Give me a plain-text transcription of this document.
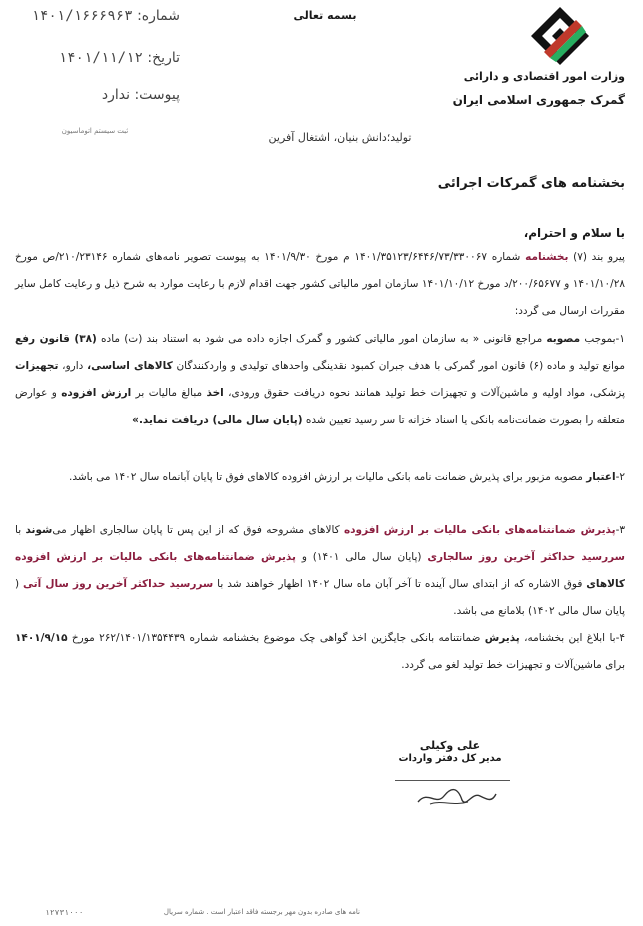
وزارت امور اقتصادی و دارائی
گمرک جمهوری اسلامی ایران
بسمه تعالی
شماره: ۱۴۰۱/۱۶۶۶۹۶۳
تاریخ: ۱۴۰۱/۱۱/۱۲
پیوست: ندارد
ثبت سیستم اتوماسیون	تولید؛دانش بنیان، اشتغال آفرین
بخشنامه های گمرکات اجرائی
با سلام و احترام،
پیرو بند (۷) بخشنامه شماره ۱۴۰۱/۳۵۱۲۳/۶۴۴۶/۷۳/۳۳۰۰۶۷ م مورخ ۱۴۰۱/۹/۳۰ به پیوست تصویر نامه‌های شماره ۲۱۰/۲۳۱۴۶/ص مورخ ۱۴۰۱/۱۰/۲۸ و ۲۰۰/۶۵۶۷۷/د مورخ ۱۴۰۱/۱۰/۱۲ سازمان امور مالیاتی کشور جهت اقدام لازم با رعایت موارد به شرح ذیل و رعایت کامل سایر مقررات ارسال می گردد:
۱-بموجب مصوبه مراجع قانونی « به سازمان امور مالیاتی کشور و گمرک اجازه داده می شود به استناد بند (ت) ماده (۳۸) قانون رفع موانع تولید و ماده (۶) قانون امور گمرکی با هدف جبران کمبود نقدینگی واحدهای تولیدی و واردکنندگان کالاهای اساسی، دارو، تجهیزات پزشکی، مواد اولیه و ماشین‌آلات و تجهیزات خط تولید همانند نحوه دریافت حقوق ورودی، اخذ مبالغ مالیات بر ارزش افزوده و عوارض متعلقه را بصورت ضمانت‌نامه بانکی یا اسناد خزانه تا سر رسید تعیین شده (پایان سال مالی) دریافت نماید.»
۲-اعتبار مصوبه مزبور برای پذیرش ضمانت نامه بانکی مالیات بر ارزش افزوده کالاهای فوق تا پایان آبانماه سال ۱۴۰۲ می باشد.
۳-پذیرش ضمانتنامه‌های بانکی مالیات بر ارزش افزوده کالاهای مشروحه فوق که از این پس تا پایان سالجاری اظهار می‌شوند با سررسید حداکثر آخرین روز سالجاری (پایان سال مالی ۱۴۰۱) و پذیرش ضمانتنامه‌های بانکی مالیات بر ارزش افزوده کالاهای فوق الاشاره که از ابتدای سال آینده تا آخر آبان ماه سال ۱۴۰۲ اظهار خواهند شد با سررسید حداکثر آخرین روز سال آتی ( پایان سال مالی ۱۴۰۲) بلامانع می باشد.
۴-با ابلاغ این بخشنامه، پذیرش ضمانتنامه بانکی جایگزین اخذ گواهی چک موضوع بخشنامه شماره ۲۶۲/۱۴۰۱/۱۳۵۴۴۳۹ مورخ ۱۴۰۱/۹/۱۵ برای ماشین‌آلات و تجهیزات خط تولید لغو می گردد.
علی وکیلی
مدیر کل دفتر واردات
۱۲۷۳۱۰۰۰	نامه های صادره بدون مهر برجسته فاقد اعتبار است . شماره سریال
